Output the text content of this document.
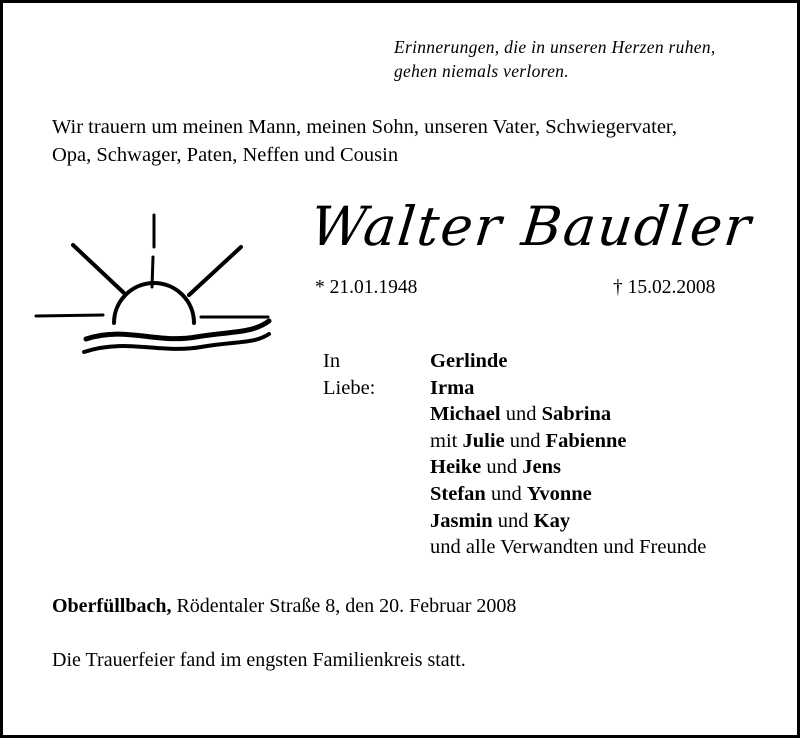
Erinnerungen, die in unseren Herzen ruhen,
gehen niemals verloren.
Wir trauern um meinen Mann, meinen Sohn, unseren Vater, Schwiegervater,
Opa, Schwager, Paten, Neffen und Cousin
Walter Baudler
* 21.01.1948	† 15.02.2008
In Liebe:
Gerlinde
Irma
Michael und Sabrina
mit Julie und Fabienne
Heike und Jens
Stefan und Yvonne
Jasmin und Kay
und alle Verwandten und Freunde
Oberfüllbach, Rödentaler Straße 8, den 20. Februar 2008
Die Trauerfeier fand im engsten Familienkreis statt.
